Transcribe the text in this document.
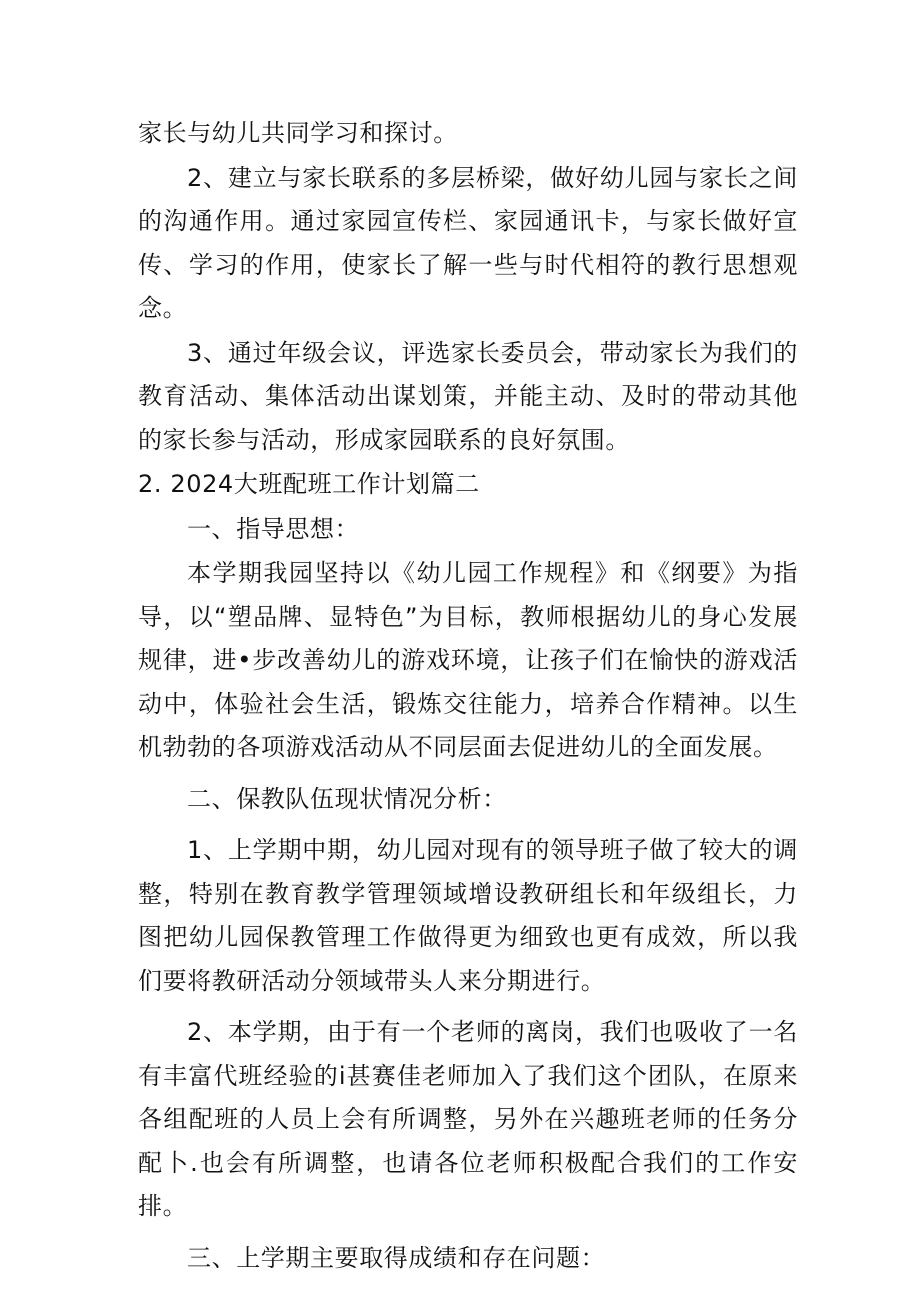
家长与幼儿共同学习和探讨。

2、建立与家长联系的多层桥梁，做好幼儿园与家长之间的沟通作用。通过家园宣传栏、家园通讯卡，与家长做好宣传、学习的作用，使家长了解一些与时代相符的教行思想观念。

3、通过年级会议，评选家长委员会，带动家长为我们的教育活动、集体活动出谋划策，并能主动、及时的带动其他的家长参与活动，形成家园联系的良好氛围。

2. 2024大班配班工作计划篇二

一、指导思想：

本学期我园坚持以《幼儿园工作规程》和《纲要》为指导，以“塑品牌、显特色”为目标，教师根据幼儿的身心发展规律，进•步改善幼儿的游戏环境，让孩子们在愉快的游戏活动中，体验社会生活，锻炼交往能力，培养合作精神。以生机勃勃的各项游戏活动从不同层面去促进幼儿的全面发展。

二、保教队伍现状情况分析：

1、上学期中期，幼儿园对现有的领导班子做了较大的调整，特别在教育教学管理领域增设教研组长和年级组长，力图把幼儿园保教管理工作做得更为细致也更有成效，所以我们要将教研活动分领域带头人来分期进行。

2、本学期，由于有一个老师的离岗，我们也吸收了一名有丰富代班经验的i甚赛佳老师加入了我们这个团队，在原来各组配班的人员上会有所调整，另外在兴趣班老师的任务分配卜.也会有所调整，也请各位老师积极配合我们的工作安排。

三、上学期主要取得成绩和存在问题：
